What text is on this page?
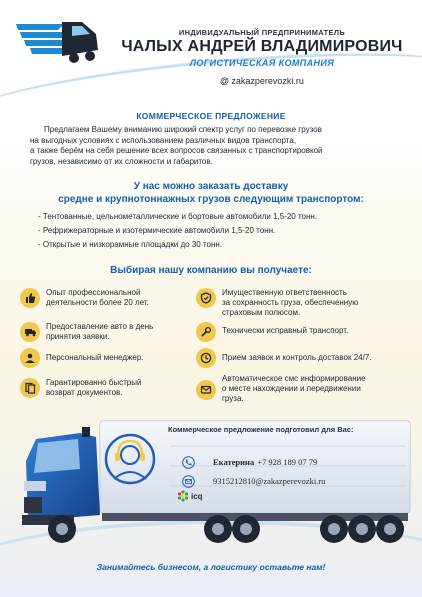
ИНДИВИДУАЛЬНЫЙ ПРЕДПРИНИМАТЕЛЬ
ЧАЛЫХ АНДРЕЙ ВЛАДИМИРОВИЧ
ЛОГИСТИЧЕСКАЯ КОМПАНИЯ
@ zakazperevozki.ru
КОММЕРЧЕСКОЕ ПРЕДЛОЖЕНИЕ
Предлагаем Вашему вниманию широкий спектр услуг по перевозке грузов
на выгодных условиях с использованием различных видов транспорта,
а также берём на себя решение всех вопросов связанных с транспортировкой
грузов, независимо от их сложности и габаритов.
У нас можно заказать доставку
средне и крупнотоннажных грузов следующим транспортом:
- Тентованные, цельнометаллические и бортовые автомобили 1,5-20 тонн.
- Рефрижераторные и изотермические автомобили 1,5-20 тонн.
- Открытые и низкорамные площадки до 30 тонн.
Выбирая нашу компанию вы получаете:
Опыт профессиональной
деятельности более 20 лет.
Имущественную ответственность
за сохранность груза, обеспеченную
страховым полюсом.
Предоставление авто в день
принятия заявки.
Технически исправный транспорт.
Персональный менеджер.	Прием заявок и контроль доставок 24/7.
Гарантированно быстрый
возврат документов.
Автоматическое смс информирование
о месте нахождении и передвижении
груза.
Коммерческое предложение подготовил для Вас:
Екатерина +7 928 189 07 79
9315212810@zakazperevozki.ru
icq
Занимайтесь бизнесом, а логистику оставьте нам!
